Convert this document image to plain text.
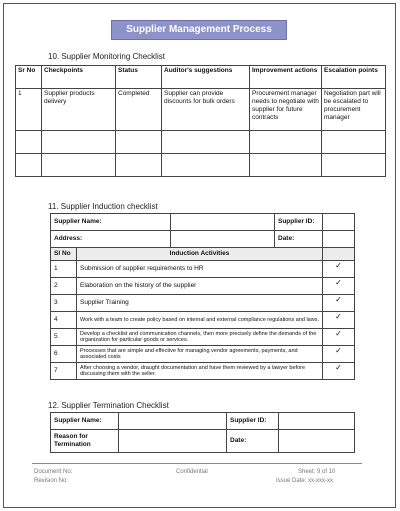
Supplier Management Process
10. Supplier Monitoring Checklist
Sr No	Checkpoints	Status	Auditor's suggestions	Improvement actions	Escalation points
1	Supplier products delivery	Completed	Supplier can provide discounts for bulk orders	Procurement manager needs to negotiate with supplier for future contracts	Negotiation part will be escalated to procurement manager

11. Supplier Induction checklist
Supplier Name:			Supplier ID:	
Address:			Date:	
Sl No	Induction Activities			
1	Submission of supplier requirements to HR			✓
2	Elaboration on the history of the supplier			✓
3	Supplier Training			✓
4	Work with a team to create policy based on internal and external compliance regulations and laws.			✓
5	Develop a checklist and communication channels, then more precisely define the demands of the organization for particular goods or services.			✓
6	Processes that are simple and effective for managing vendor agreements, payments, and associated costs			✓
7	After choosing a vendor, draught documentation and have them reviewed by a lawyer before discussing them with the seller.			✓
12. Supplier Termination Checklist
Supplier Name:		Supplier ID:	
Reason for Termination		Date:	
Document No:
Revision No:
Confidential	Sheet: 9 of 10
Issue Date: xx-xxx-xx
